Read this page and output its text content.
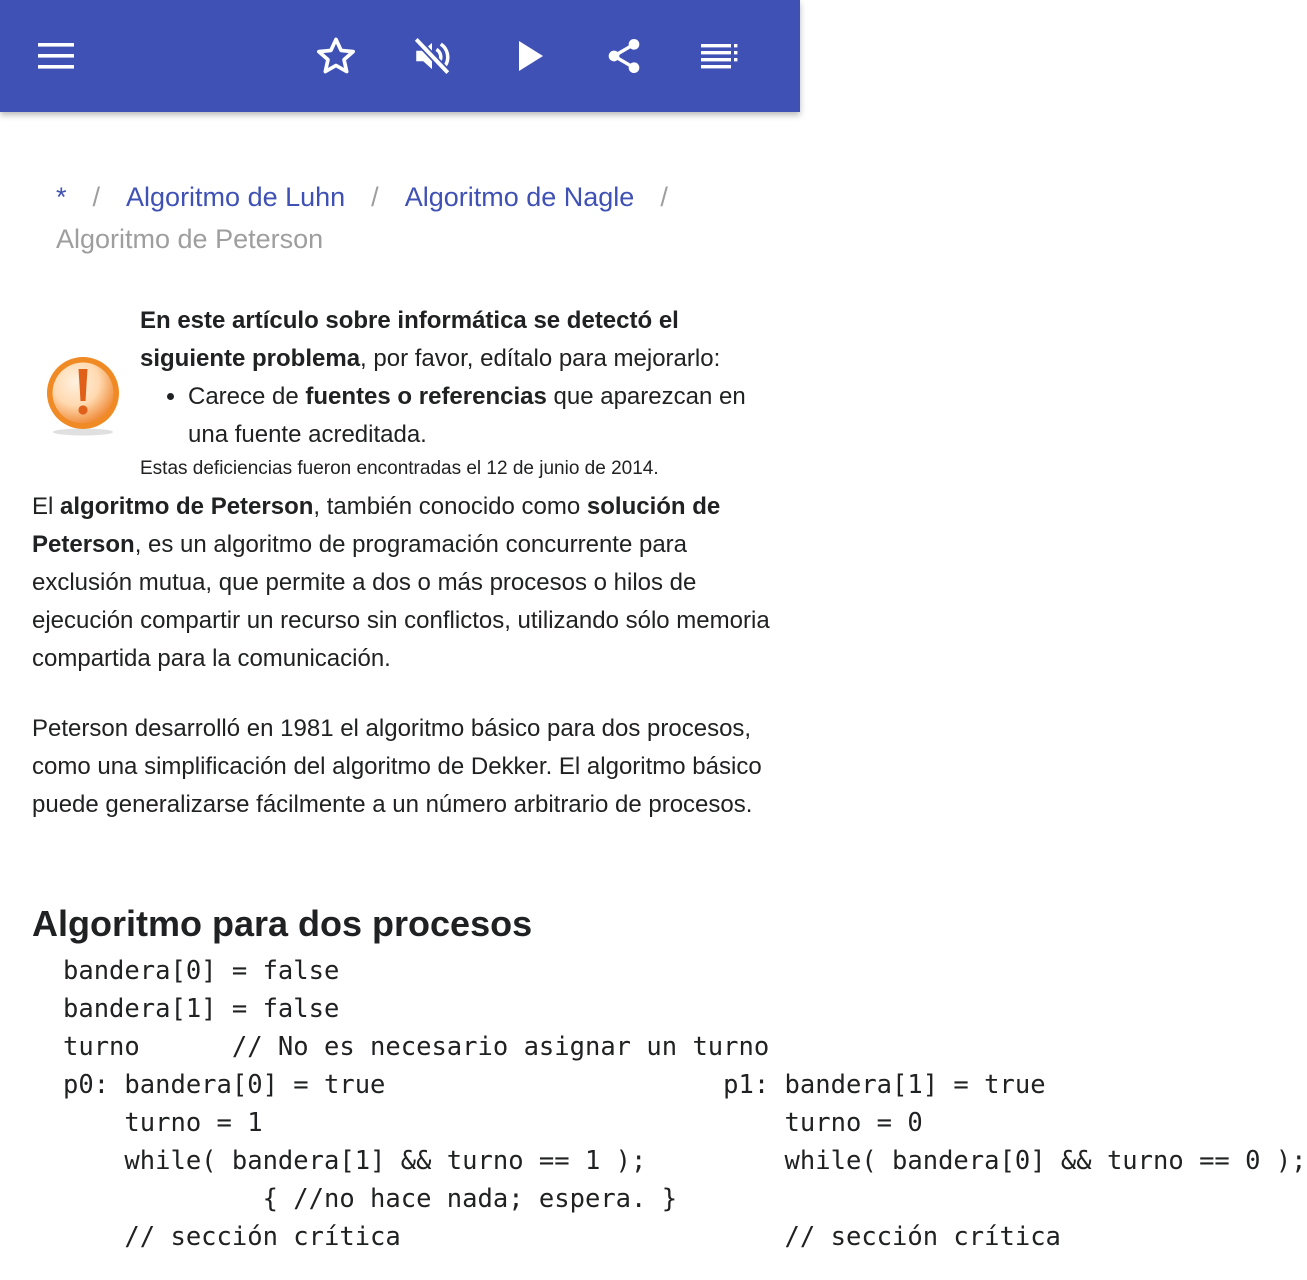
* / Algoritmo de Luhn / Algoritmo de Nagle /
Algoritmo de Peterson
En este artículo sobre informática se detectó el siguiente problema, por favor, edítalo para mejorarlo:
• Carece de fuentes o referencias que aparezcan en una fuente acreditada.
Estas deficiencias fueron encontradas el 12 de junio de 2014.

El algoritmo de Peterson, también conocido como solución de Peterson, es un algoritmo de programación concurrente para exclusión mutua, que permite a dos o más procesos o hilos de ejecución compartir un recurso sin conflictos, utilizando sólo memoria compartida para la comunicación.

Peterson desarrolló en 1981 el algoritmo básico para dos procesos, como una simplificación del algoritmo de Dekker. El algoritmo básico puede generalizarse fácilmente a un número arbitrario de procesos.

Algoritmo para dos procesos
bandera[0] = false
bandera[1] = false
turno      // No es necesario asignar un turno
p0: bandera[0] = true                      p1: bandera[1] = true
turno = 1                                  turno = 0
while( bandera[1] && turno == 1 );         while( bandera[0] && turno == 0 );
{ //no hace nada; espera. }
// sección crítica                         // sección crítica
